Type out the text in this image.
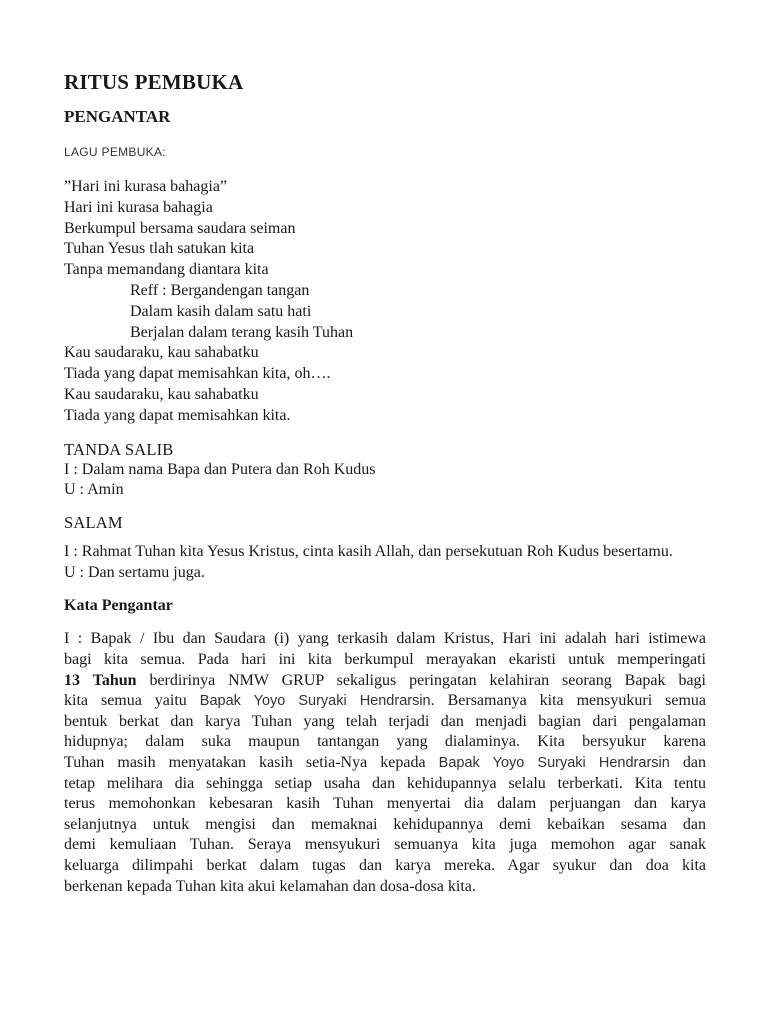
RITUS PEMBUKA
PENGANTAR
LAGU PEMBUKA:
”Hari ini kurasa bahagia”
Hari ini kurasa bahagia
Berkumpul bersama saudara seiman
Tuhan Yesus tlah satukan kita
Tanpa memandang diantara kita
Reff : Bergandengan tangan
Dalam kasih dalam satu hati
Berjalan dalam terang kasih Tuhan
Kau saudaraku, kau sahabatku
Tiada yang dapat memisahkan kita, oh….
Kau saudaraku, kau sahabatku
Tiada yang dapat memisahkan kita.
TANDA SALIB
I : Dalam nama Bapa dan Putera dan Roh Kudus
U : Amin
SALAM
I : Rahmat Tuhan kita Yesus Kristus, cinta kasih Allah, dan persekutuan Roh Kudus besertamu.
U : Dan sertamu juga.
Kata Pengantar
I : Bapak / Ibu dan Saudara (i) yang terkasih dalam Kristus, Hari ini adalah hari istimewa
bagi kita semua. Pada hari ini kita berkumpul merayakan ekaristi untuk memperingati
13 Tahun berdirinya NMW GRUP sekaligus peringatan kelahiran seorang Bapak bagi
kita semua yaitu Bapak Yoyo Suryaki Hendrarsin. Bersamanya kita mensyukuri semua
bentuk berkat dan karya Tuhan yang telah terjadi dan menjadi bagian dari pengalaman
hidupnya; dalam suka maupun tantangan yang dialaminya. Kita bersyukur karena
Tuhan masih menyatakan kasih setia-Nya kepada Bapak Yoyo Suryaki Hendrarsin dan
tetap melihara dia sehingga setiap usaha dan kehidupannya selalu terberkati. Kita tentu
terus memohonkan kebesaran kasih Tuhan menyertai dia dalam perjuangan dan karya
selanjutnya untuk mengisi dan memaknai kehidupannya demi kebaikan sesama dan
demi kemuliaan Tuhan. Seraya mensyukuri semuanya kita juga memohon agar sanak
keluarga dilimpahi berkat dalam tugas dan karya mereka. Agar syukur dan doa kita
berkenan kepada Tuhan kita akui kelamahan dan dosa-dosa kita.
